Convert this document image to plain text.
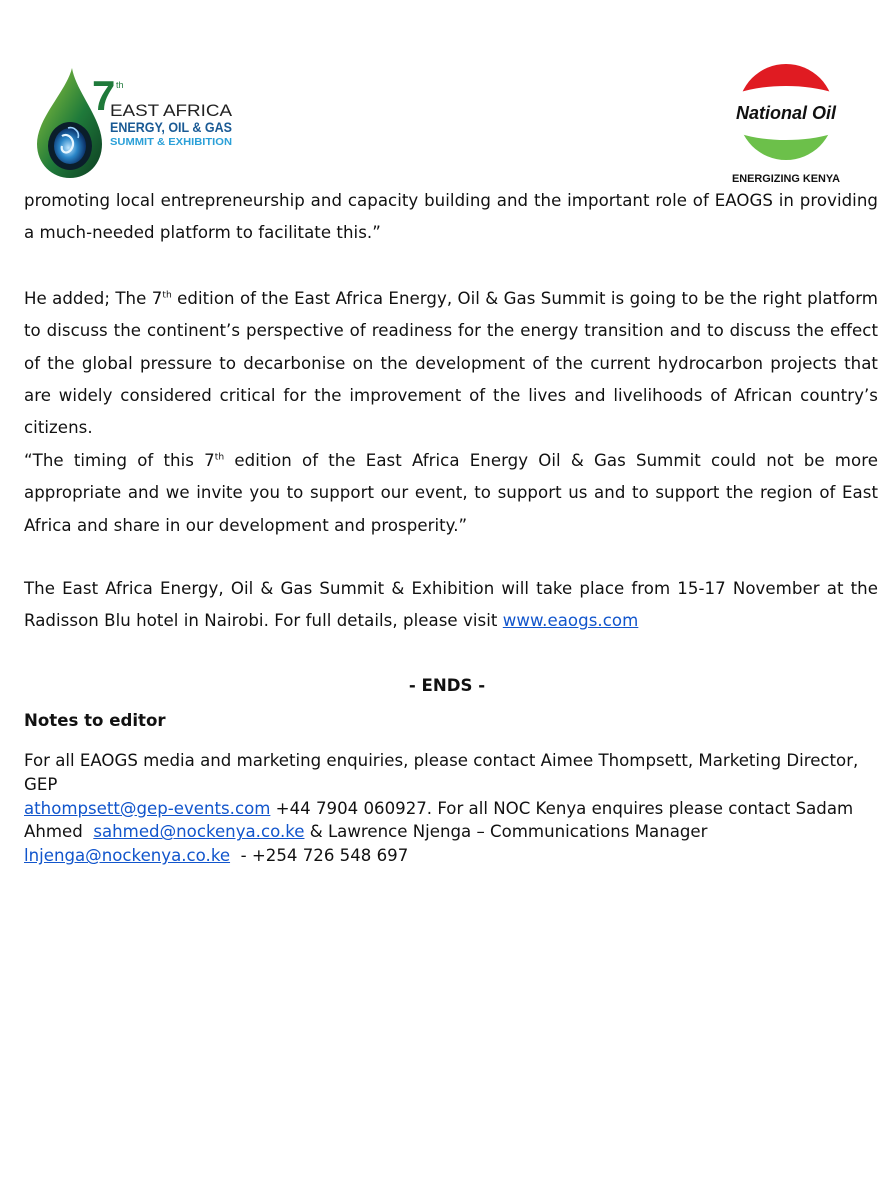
7 th
EAST AFRICA
ENERGY, OIL & GAS
SUMMIT & EXHIBITION
National Oil
ENERGIZING KENYA

promoting local entrepreneurship and capacity building and the important role of EAOGS in providing a much-needed platform to facilitate this.”

He added; The 7th edition of the East Africa Energy, Oil & Gas Summit is going to be the right platform to discuss the continent’s perspective of readiness for the energy transition and to discuss the effect of the global pressure to decarbonise on the development of the current hydrocarbon projects that are widely considered critical for the improvement of the lives and livelihoods of African country’s citizens.

“The timing of this 7th edition of the East Africa Energy Oil & Gas Summit could not be more appropriate and we invite you to support our event, to support us and to support the region of East Africa and share in our development and prosperity.”

The East Africa Energy, Oil & Gas Summit & Exhibition will take place from 15-17 November at the Radisson Blu hotel in Nairobi. For full details, please visit www.eaogs.com

- ENDS -
Notes to editor

For all EAOGS media and marketing enquiries, please contact Aimee Thompsett, Marketing Director, GEP
athompsett@gep-events.com +44 7904 060927. For all NOC Kenya enquires please contact Sadam
Ahmed  sahmed@nockenya.co.ke & Lawrence Njenga – Communications Manager
lnjenga@nockenya.co.ke  - +254 726 548 697
